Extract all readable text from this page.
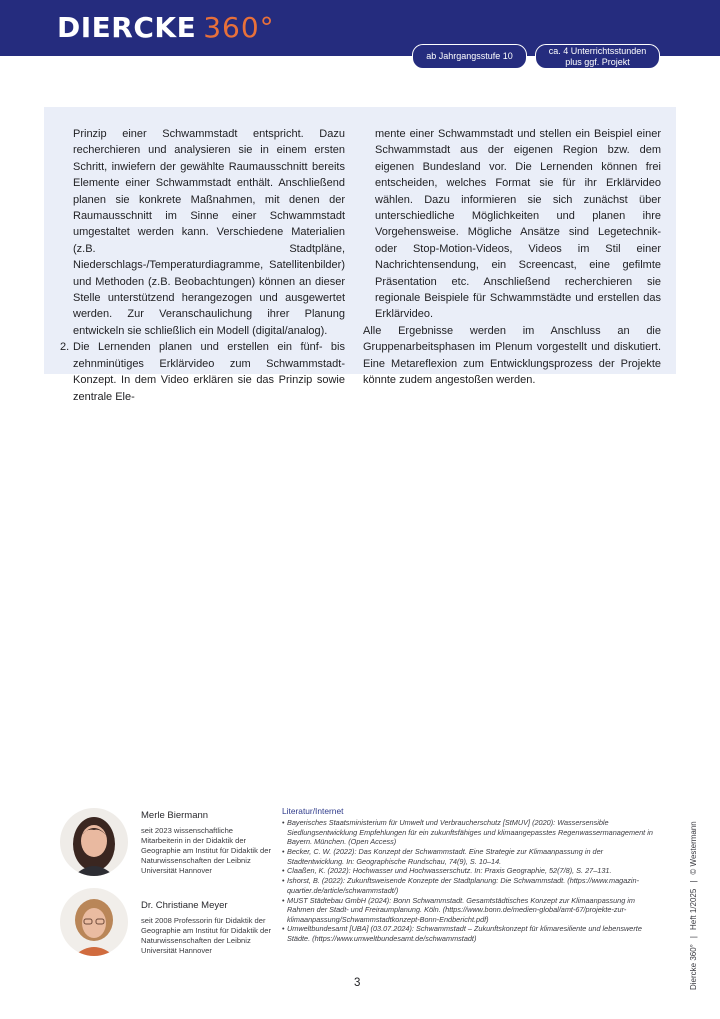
DIERCKE 360°
ab Jahrgangsstufe 10
ca. 4 Unterrichtsstunden
plus ggf. Projekt

Prinzip einer Schwammstadt entspricht. Dazu recherchieren und analysieren sie in einem ersten Schritt, inwiefern der gewählte Raumausschnitt bereits Elemente einer Schwammstadt enthält. Anschließend planen sie konkrete Maßnahmen, mit denen der Raumausschnitt im Sinne einer Schwammstadt umgestaltet werden kann. Verschiedene Materialien (z.B. Stadtpläne, Niederschlags-/Temperaturdiagramme, Satellitenbilder) und Methoden (z.B. Beobachtungen) können an dieser Stelle unterstützend herangezogen und ausgewertet werden. Zur Veranschaulichung ihrer Planung entwickeln sie schließlich ein Modell (digital/analog).

2. Die Lernenden planen und erstellen ein fünf- bis zehnminütiges Erklärvideo zum Schwammstadt-Konzept. In dem Video erklären sie das Prinzip sowie zentrale Ele-

mente einer Schwammstadt und stellen ein Beispiel einer Schwammstadt aus der eigenen Region bzw. dem eigenen Bundesland vor. Die Lernenden können frei entscheiden, welches Format sie für ihr Erklärvideo wählen. Dazu informieren sie sich zunächst über unterschiedliche Möglichkeiten und planen ihre Vorgehensweise. Mögliche Ansätze sind Legetechnik- oder Stop-Motion-Videos, Videos im Stil einer Nachrichtensendung, ein Screencast, eine gefilmte Präsentation etc. Anschließend recherchieren sie regionale Beispiele für Schwammstädte und erstellen das Erklärvideo.

Alle Ergebnisse werden im Anschluss an die Gruppenarbeitsphasen im Plenum vorgestellt und diskutiert. Eine Metareflexion zum Entwicklungsprozess der Projekte könnte zudem angestoßen werden.

Merle Biermann
seit 2023 wissenschaftliche Mitarbeiterin in der Didaktik der Geographie am Institut für Didaktik der Naturwissenschaften der Leibniz Universität Hannover
Dr. Christiane Meyer
seit 2008 Professorin für Didaktik der Geographie am Institut für Didaktik der Naturwissenschaften der Leibniz Universität Hannover
Literatur/Internet
• Bayerisches Staatsministerium für Umwelt und Verbraucherschutz [StMUV] (2020): Wassersensible Siedlungsentwicklung Empfehlungen für ein zukunftsfähiges und klimaangepasstes Regenwassermanagement in Bayern. München. (Open Access)
• Becker, C. W. (2022): Das Konzept der Schwammstadt. Eine Strategie zur Klimaanpassung in der Stadtentwicklung. In: Geographische Rundschau, 74(9), S. 10–14.
• Claaßen, K. (2022): Hochwasser und Hochwasserschutz. In: Praxis Geographie, 52(7/8), S. 27–131.
• Ishorst, B. (2022): Zukunftsweisende Konzepte der Stadtplanung: Die Schwammstadt. (https://www.magazin-quartier.de/article/schwammstadt/)
• MUST Städtebau GmbH (2024): Bonn Schwammstadt. Gesamtstädtisches Konzept zur Klimaanpassung im Rahmen der Stadt- und Freiraumplanung. Köln. (https://www.bonn.de/medien-global/amt-67/projekte-zur-klimaanpassung/Schwammstadtkonzept-Bonn-Endbericht.pdf)
• Umweltbundesamt [UBA] (03.07.2024): Schwammstadt – Zukunftskonzept für klimaresiliente und lebenswerte Städte. (https://www.umweltbundesamt.de/schwammstadt)
3	Diercke 360°|Heft 1/2025|© Westermann
